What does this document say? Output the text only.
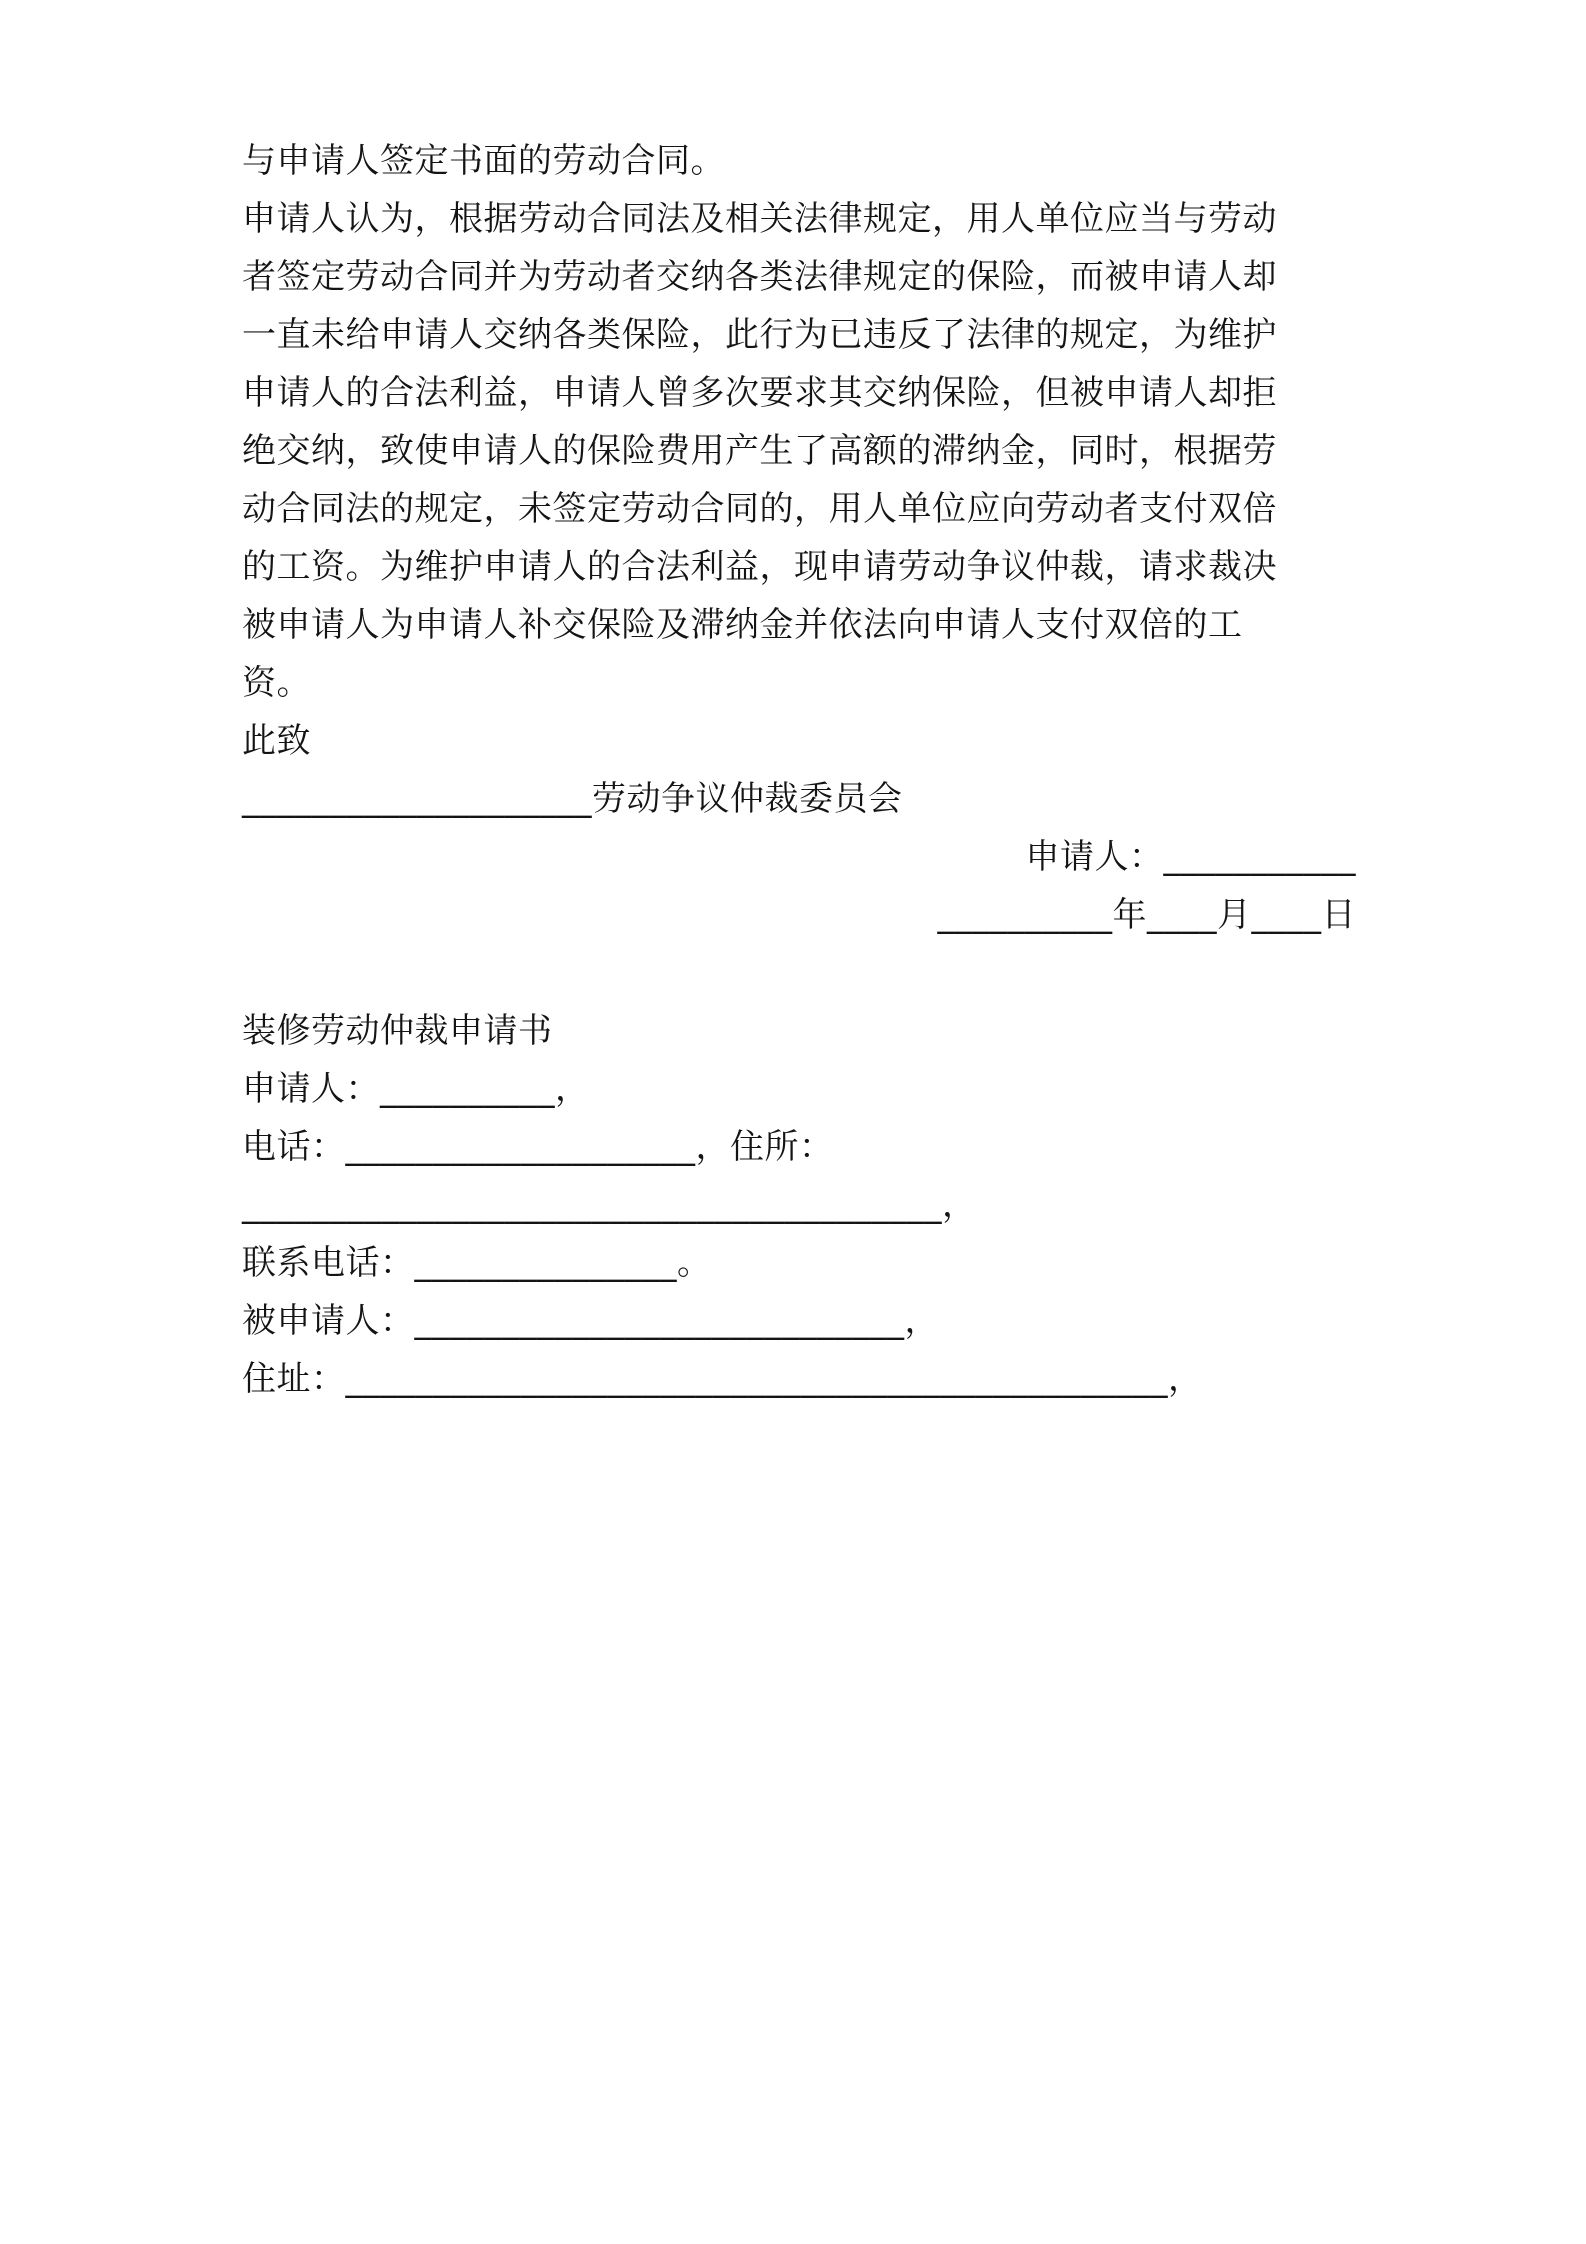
与申请人签定书面的劳动合同。
申请人认为，根据劳动合同法及相关法律规定，用人单位应当与劳动
者签定劳动合同并为劳动者交纳各类法律规定的保险，而被申请人却
一直未给申请人交纳各类保险，此行为已违反了法律的规定，为维护
申请人的合法利益，申请人曾多次要求其交纳保险，但被申请人却拒
绝交纳，致使申请人的保险费用产生了高额的滞纳金，同时，根据劳
动合同法的规定，未签定劳动合同的，用人单位应向劳动者支付双倍
的工资。为维护申请人的合法利益，现申请劳动争议仲裁，请求裁决
被申请人为申请人补交保险及滞纳金并依法向申请人支付双倍的工
资。
此致
____________________劳动争议仲裁委员会
申请人：___________
__________年____月____日
装修劳动仲裁申请书
申请人：__________，
电话：____________________，住所：
________________________________________，
联系电话：_______________。
被申请人：____________________________，
住址：_______________________________________________，
